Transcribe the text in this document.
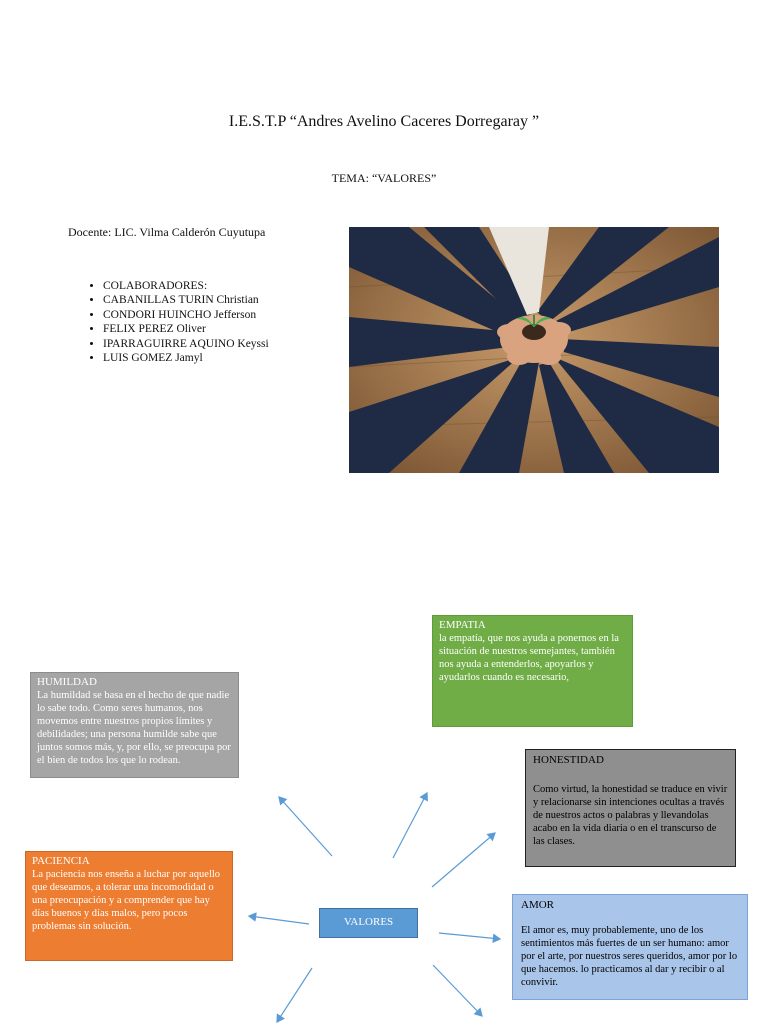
I.E.S.T.P “Andres Avelino Caceres Dorregaray ”
TEMA: “VALORES”
Docente: LIC. Vilma Calderón Cuyutupa
• COLABORADORES:
• CABANILLAS TURIN Christian
• CONDORI HUINCHO Jefferson
• FELIX PEREZ Oliver
• IPARRAGUIRRE AQUINO Keyssi
• LUIS GOMEZ Jamyl
HUMILDAD
La humildad se basa en el hecho de que nadie lo sabe todo. Como seres humanos, nos movemos entre nuestros propios límites y debilidades; una persona humilde sabe que juntos somos más, y, por ello, se preocupa por el bien de todos los que lo rodean.
EMPATIA
la empatía, que nos ayuda a ponernos en la situación de nuestros semejantes, también nos ayuda a entenderlos, apoyarlos y ayudarlos cuando es necesario,
HONESTIDAD
Como virtud, la honestidad se traduce en vivir y relacionarse sin intenciones ocultas a través de nuestros actos o palabras y llevandolas acabo en la vida diaria o en el transcurso de las clases.
PACIENCIA
La paciencia nos enseña a luchar por aquello que deseamos, a tolerar una incomodidad o una preocupación y a comprender que hay días buenos y días malos, pero pocos problemas sin solución.
AMOR
El amor es, muy probablemente, uno de los sentimientos más fuertes de un ser humano: amor por el arte, por nuestros seres queridos, amor por lo que hacemos. lo practicamos al dar y recibir o al convivir.
VALORES
